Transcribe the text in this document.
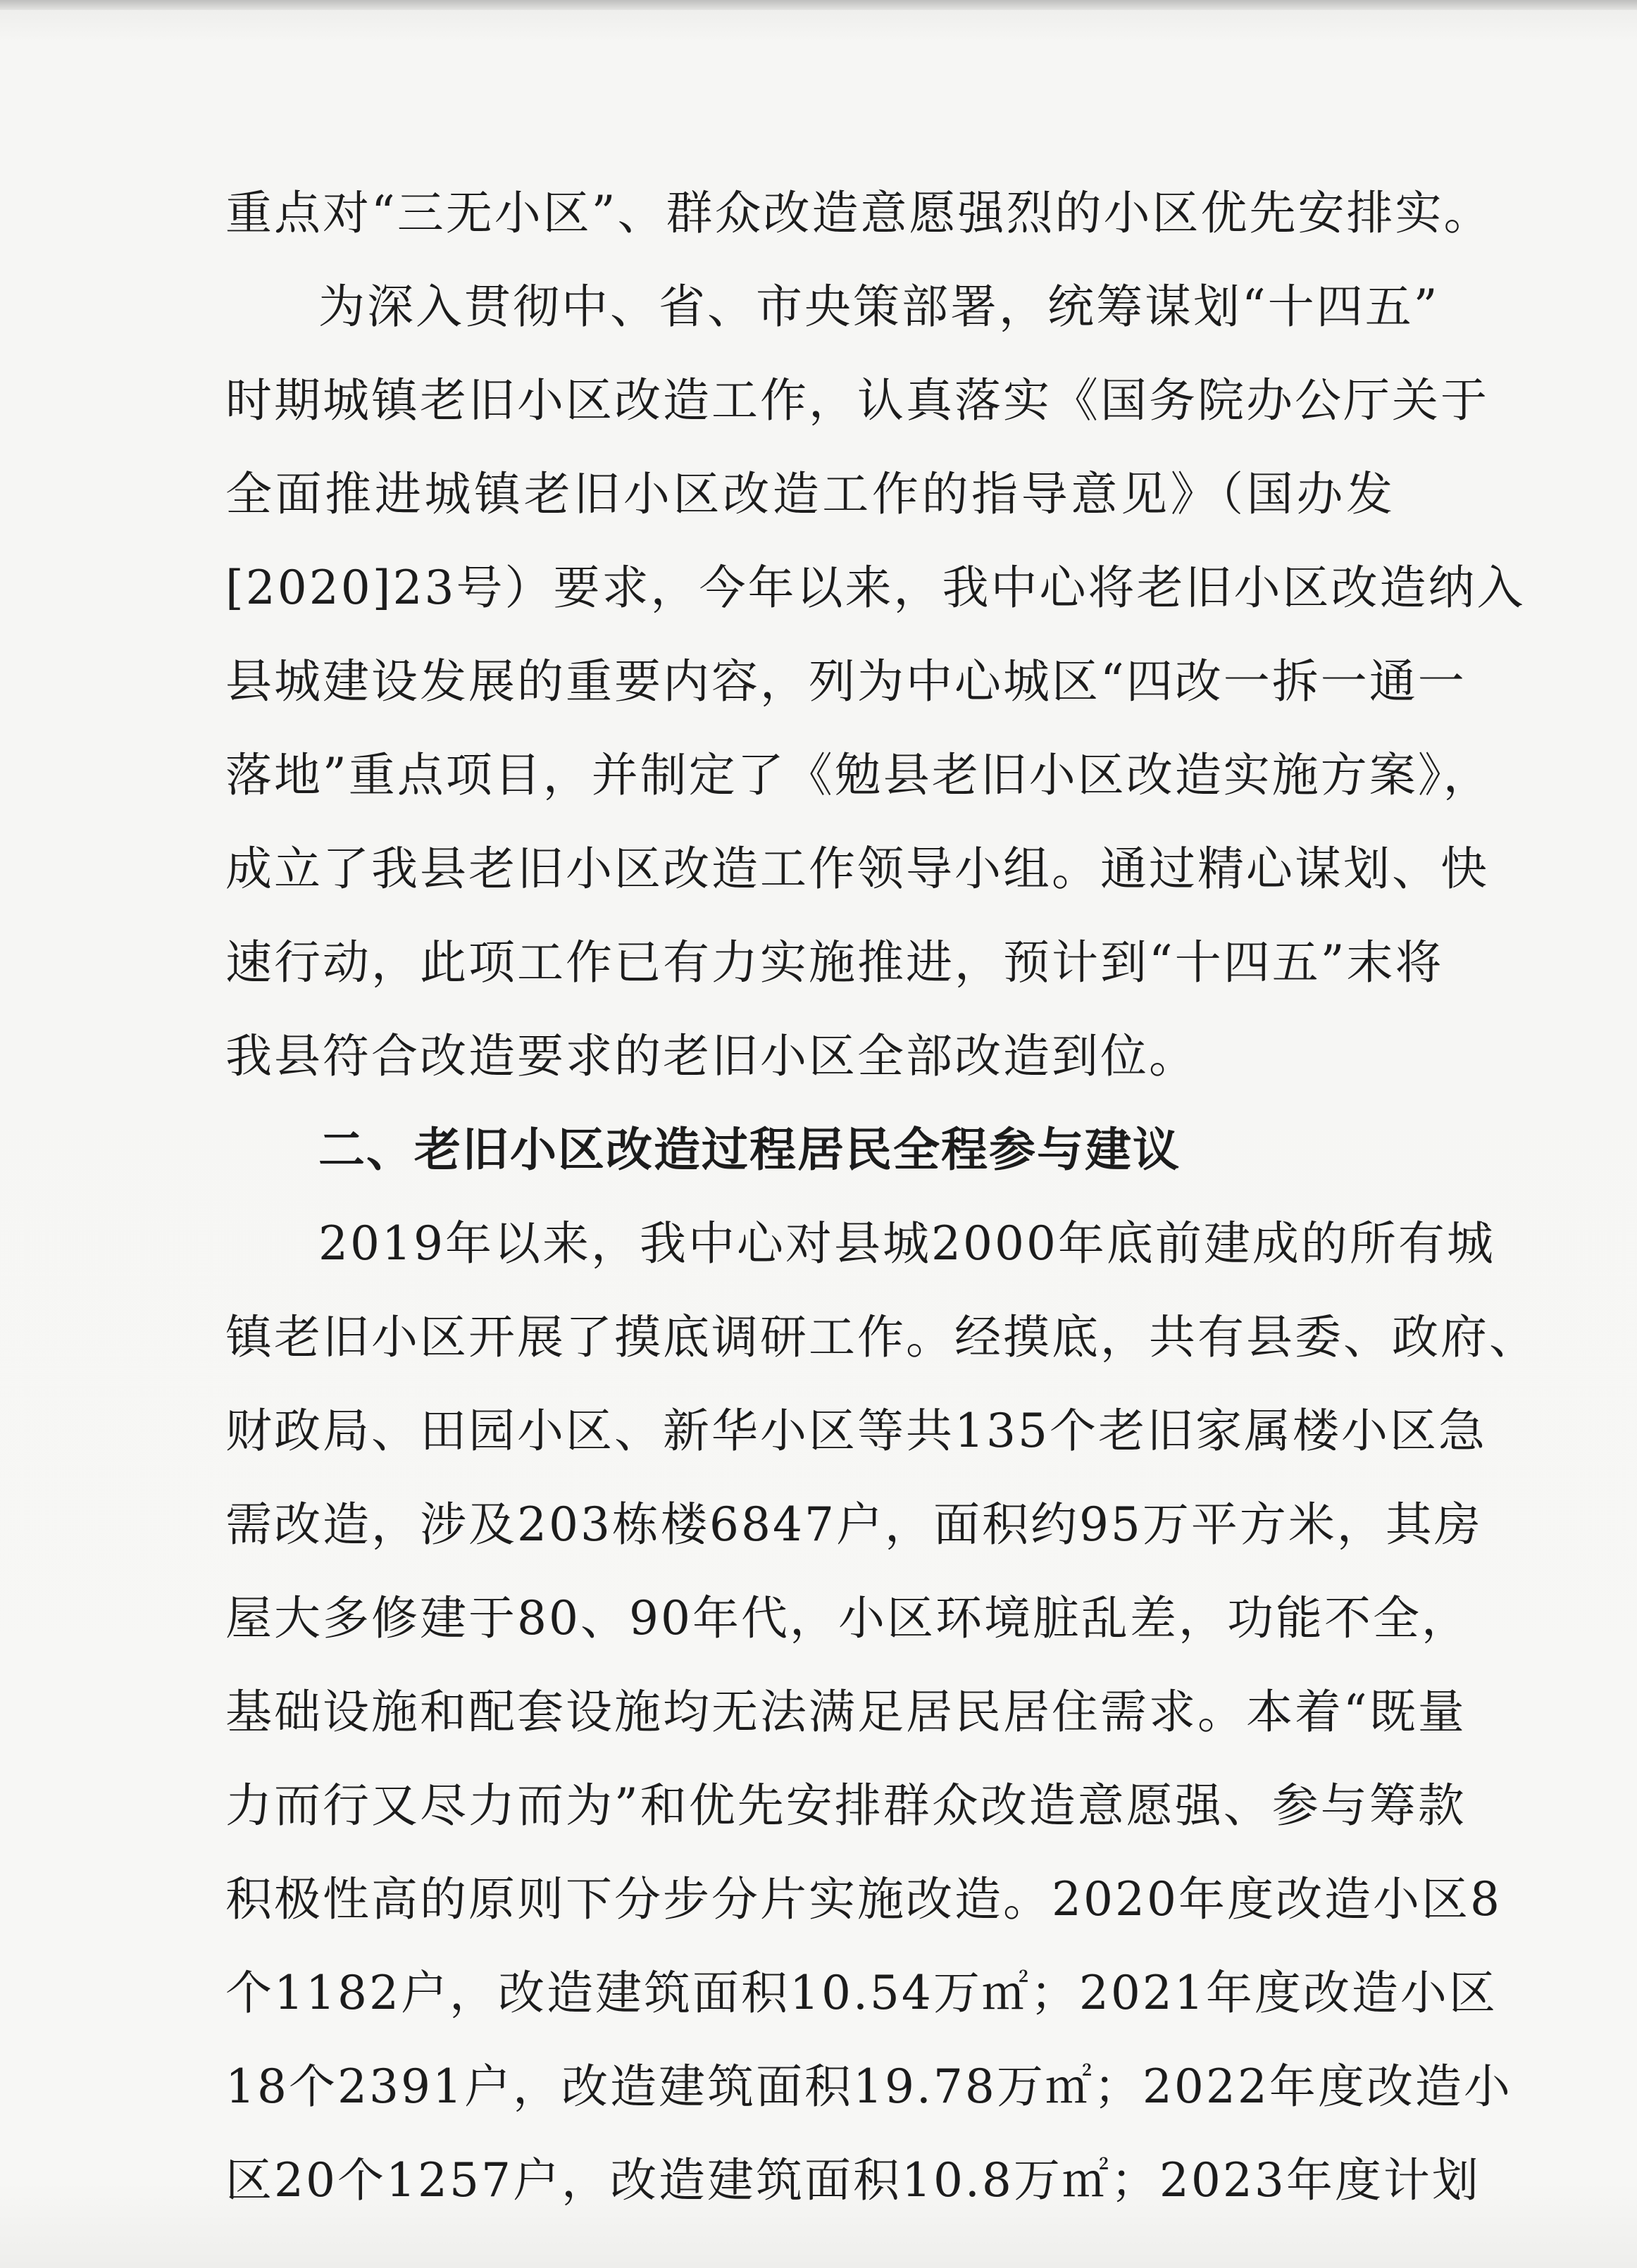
重点对“三无小区”、群众改造意愿强烈的小区优先安排实。
为深入贯彻中、省、市央策部署，统筹谋划“十四五”
时期城镇老旧小区改造工作，认真落实《国务院办公厅关于
全面推进城镇老旧小区改造工作的指导意见》（国办发
[2020]23号）要求，今年以来，我中心将老旧小区改造纳入
县城建设发展的重要内容，列为中心城区“四改一拆一通一
落地”重点项目，并制定了《勉县老旧小区改造实施方案》，
成立了我县老旧小区改造工作领导小组。通过精心谋划、快
速行动，此项工作已有力实施推进，预计到“十四五”末将
我县符合改造要求的老旧小区全部改造到位。
二、老旧小区改造过程居民全程参与建议
2019年以来，我中心对县城2000年底前建成的所有城
镇老旧小区开展了摸底调研工作。经摸底，共有县委、政府、
财政局、田园小区、新华小区等共135个老旧家属楼小区急
需改造，涉及203栋楼6847户，面积约95万平方米，其房
屋大多修建于80、90年代，小区环境脏乱差，功能不全，
基础设施和配套设施均无法满足居民居住需求。本着“既量
力而行又尽力而为”和优先安排群众改造意愿强、参与筹款
积极性高的原则下分步分片实施改造。2020年度改造小区8
个1182户，改造建筑面积10.54万㎡；2021年度改造小区
18个2391户，改造建筑面积19.78万㎡；2022年度改造小
区20个1257户，改造建筑面积10.8万㎡；2023年度计划
